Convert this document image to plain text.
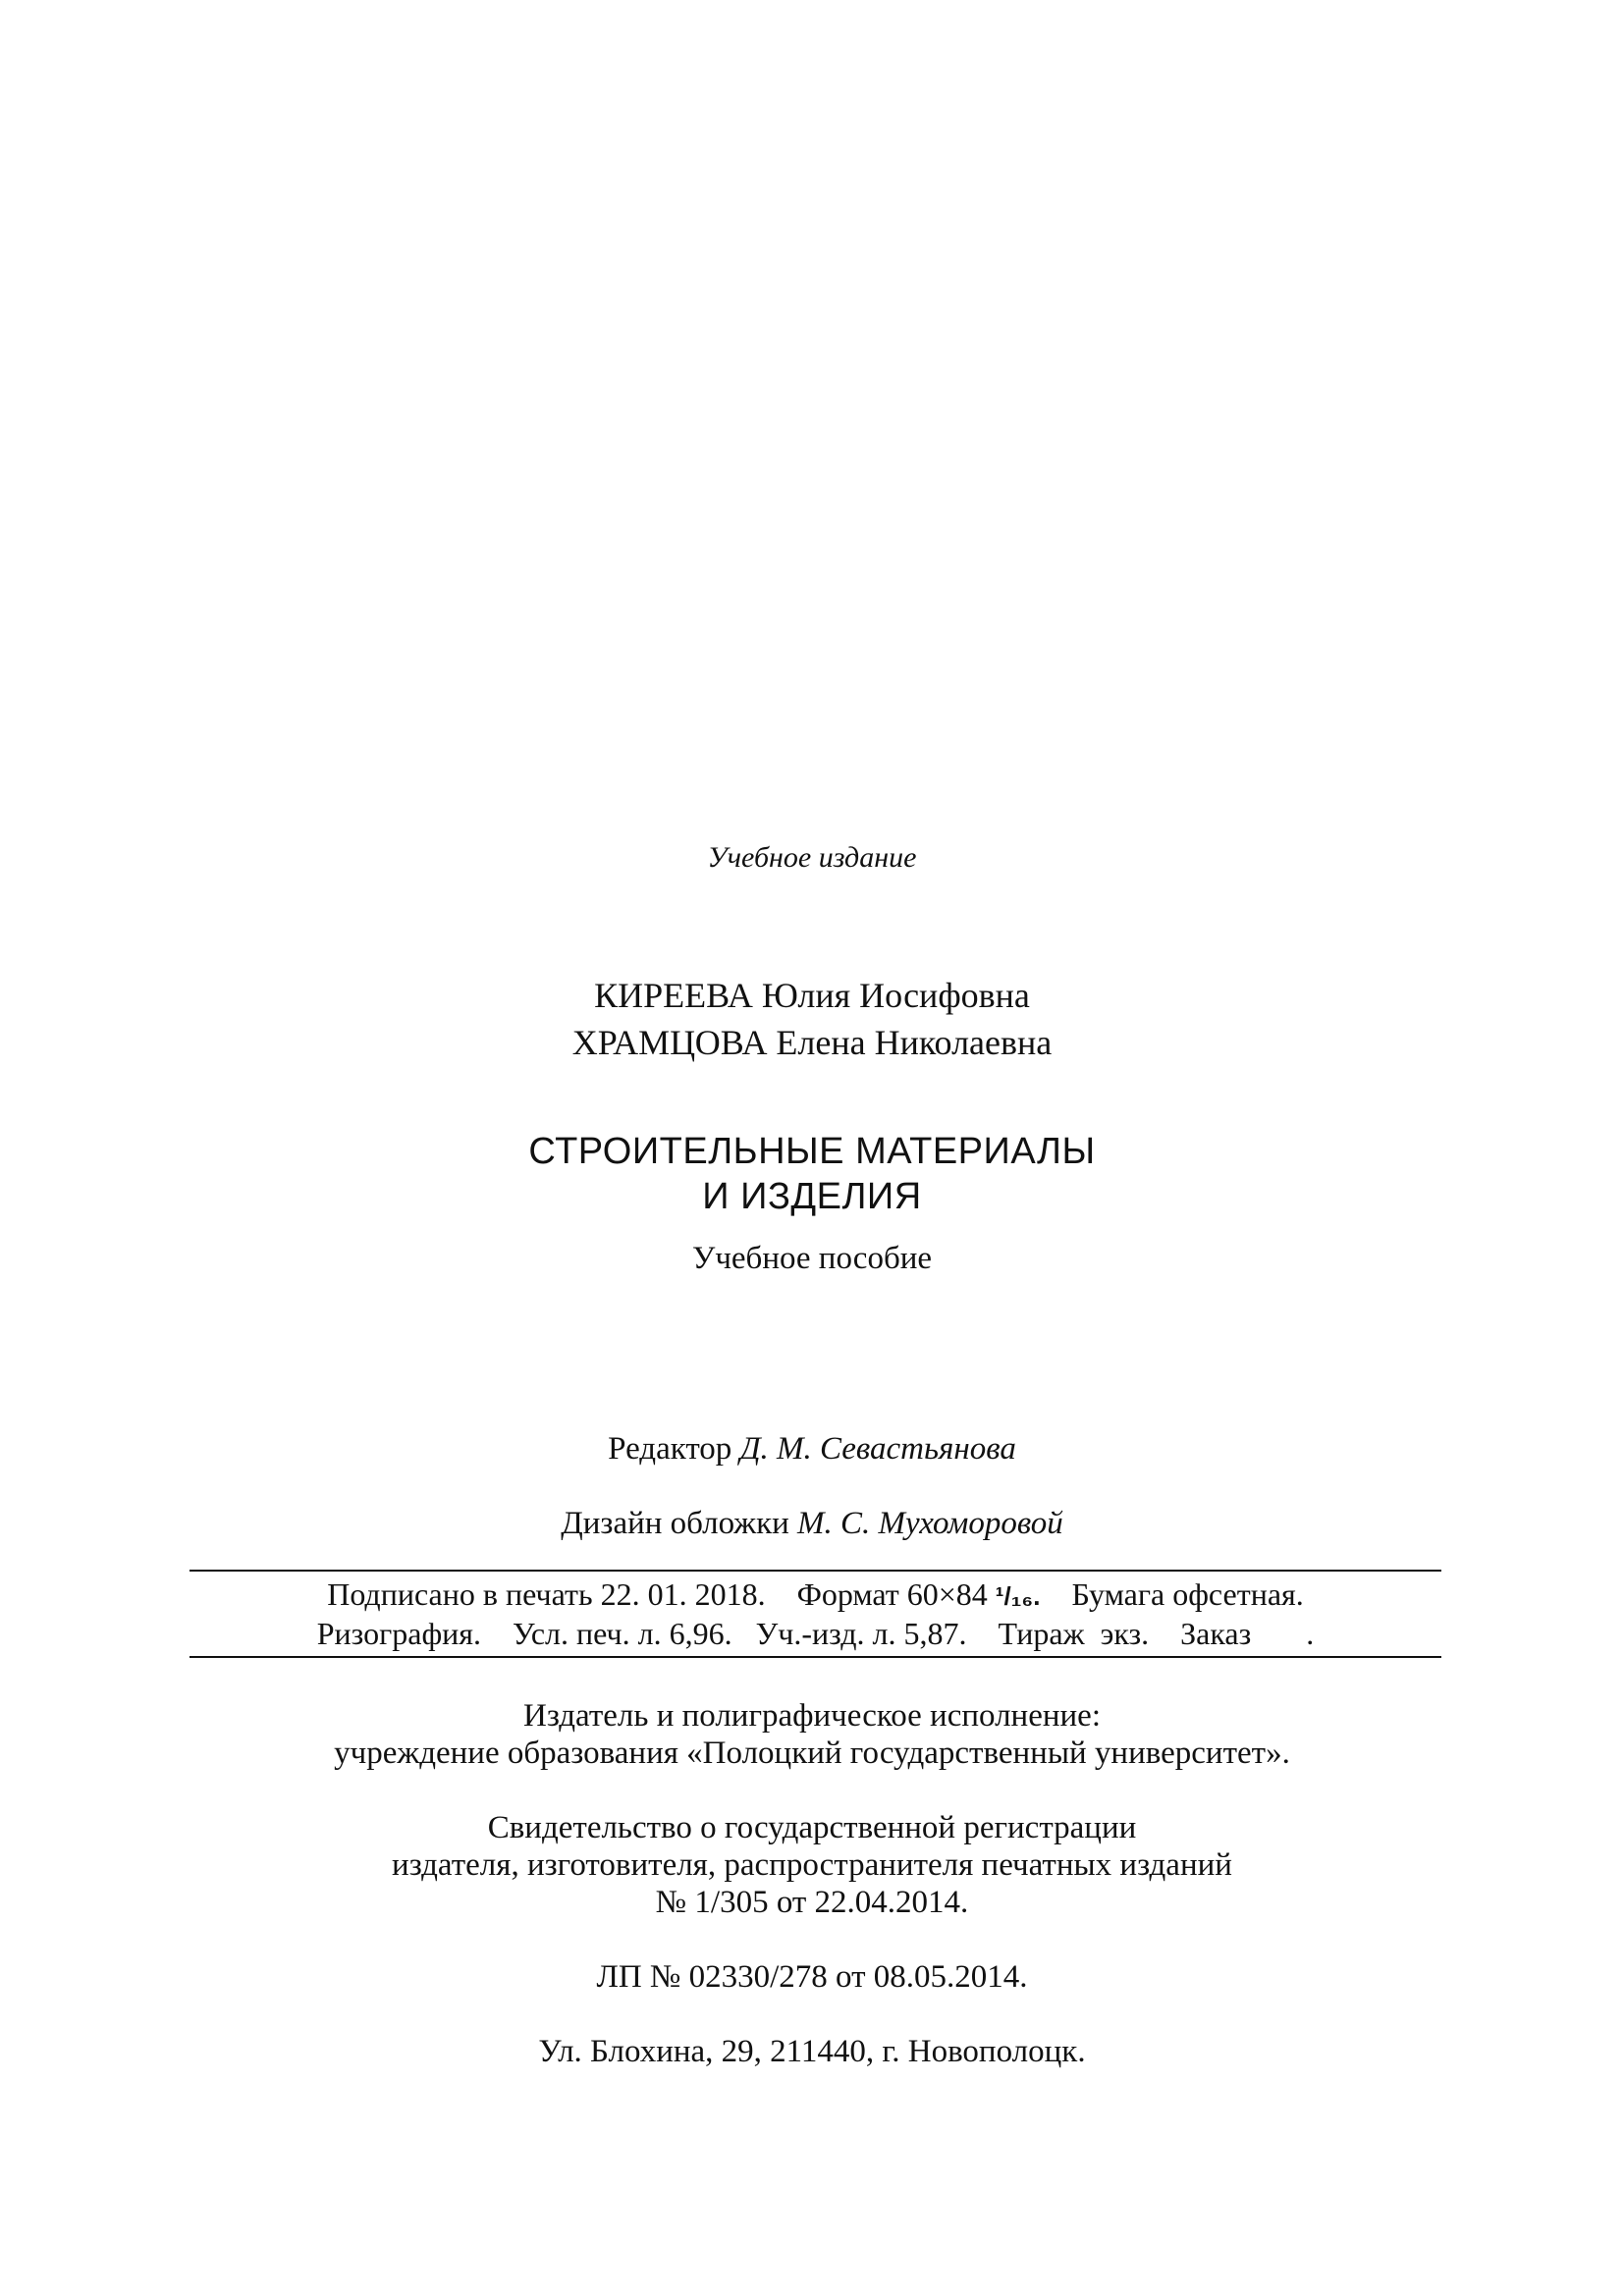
Учебное издание
КИРЕЕВА Юлия Иосифовна
ХРАМЦОВА Елена Николаевна
СТРОИТЕЛЬНЫЕ МАТЕРИАЛЫ
И ИЗДЕЛИЯ
Учебное пособие
Редактор Д. М. Севастьянова
Дизайн обложки М. С. Мухоморовой
Подписано в печать 22. 01. 2018.    Формат 60×84 ¹/₁₆.    Бумага офсетная.
Ризография.    Усл. печ. л. 6,96.   Уч.-изд. л. 5,87.    Тираж  экз.    Заказ       .
Издатель и полиграфическое исполнение:
учреждение образования «Полоцкий государственный университет».
Свидетельство о государственной регистрации
издателя, изготовителя, распространителя печатных изданий
№ 1/305 от 22.04.2014.
ЛП № 02330/278 от 08.05.2014.
Ул. Блохина, 29, 211440, г. Новополоцк.
